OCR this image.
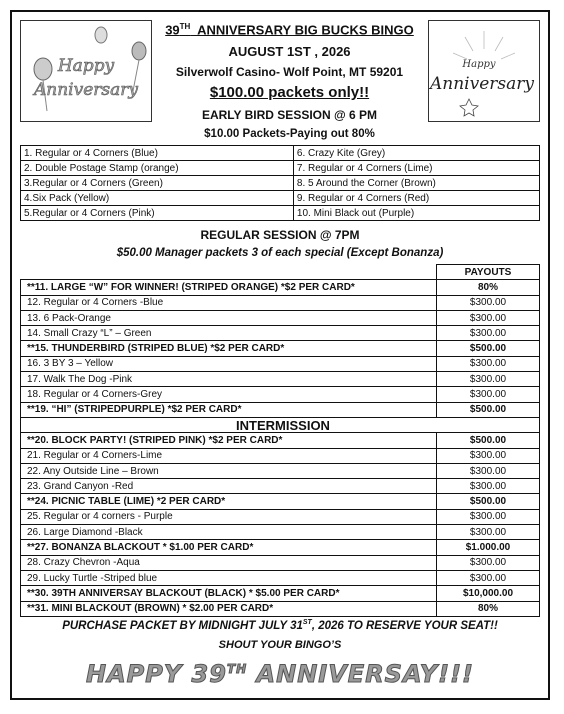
Happy
Anniversary
Happy
Anniversary
39TH  ANNIVERSARY BIG BUCKS BINGO
AUGUST 1ST , 2026
Silverwolf Casino- Wolf Point, MT 59201
$100.00 packets only!!
EARLY BIRD SESSION @ 6 PM
$10.00 Packets-Paying out 80%
1. Regular or 4 Corners (Blue)	6. Crazy Kite (Grey)
2. Double Postage Stamp (orange)	7. Regular or 4 Corners (Lime)
3.Regular or 4 Corners (Green)	8. 5 Around the Corner (Brown)
4.Six Pack (Yellow)	9. Regular or 4 Corners (Red)
5.Regular or 4 Corners (Pink)	10. Mini Black out (Purple)
REGULAR SESSION @ 7PM
$50.00 Manager packets 3 of each special (Except Bonanza)
	PAYOUTS
**11. LARGE “W” FOR WINNER! (STRIPED ORANGE) *$2 PER CARD*	80%
12. Regular or 4 Corners -Blue	$300.00
13. 6 Pack-Orange	$300.00
14. Small Crazy “L” – Green	$300.00
**15. THUNDERBIRD (STRIPED BLUE) *$2 PER CARD*	$500.00
16. 3 BY 3 – Yellow	$300.00
17. Walk The Dog -Pink	$300.00
18. Regular or 4 Corners-Grey	$300.00
**19. “HI” (STRIPEDPURPLE) *$2 PER CARD*	$500.00
INTERMISSION	
**20. BLOCK PARTY! (STRIPED PINK) *$2 PER CARD*	$500.00
21. Regular or 4 Corners-Lime	$300.00
22. Any Outside Line – Brown	$300.00
23. Grand Canyon -Red	$300.00
**24. PICNIC TABLE (LIME) *2 PER CARD*	$500.00
25. Regular or 4 corners - Purple	$300.00
26. Large Diamond -Black	$300.00
**27. BONANZA BLACKOUT * $1.00 PER CARD*	$1.000.00
28. Crazy Chevron -Aqua	$300.00
29. Lucky Turtle -Striped blue	$300.00
**30. 39TH ANNIVERSAY BLACKOUT (BLACK) * $5.00 PER CARD*	$10,000.00
**31. MINI BLACKOUT (BROWN) * $2.00 PER CARD*	80%
PURCHASE PACKET BY MIDNIGHT JULY 31ST, 2026 TO RESERVE YOUR SEAT!!
SHOUT YOUR BINGO’S
HAPPY 39TH ANNIVERSAY!!!
